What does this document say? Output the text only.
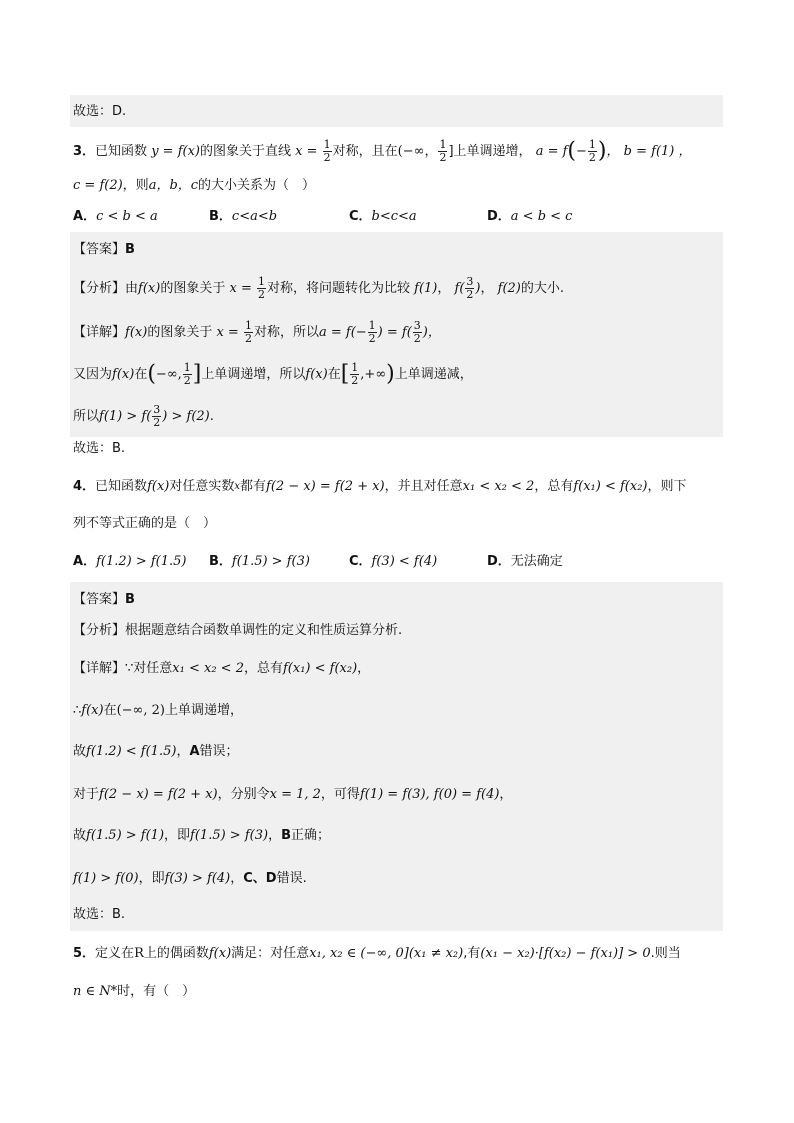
故选：D.
3．已知函数 y = f(x)的图象关于直线 $x = \frac{1}{2}$ 对称，且在(−∞， $\frac{1}{2}$ ]上单调递增， $a = f(- \frac{1}{2}$ )， b = f(1) ，
c = f(2)，则a，b，c的大小关系为（　）
A．c < b < a	B．c<a<b	C．b<c<a	D．a < b < c
【答案】B
【分析】由f(x)的图象关于 $x = \frac{1}{2}$ 对称，将问题转化为比较 f(1)， $f( \frac{3}{2}$ )， f(2)的大小.
【详解】f(x)的图象关于 $x = \frac{1}{2}$ 对称，所以$a = f(- \frac{1}{2}$ ) = $f( \frac{3}{2}$ )，
又因为f(x)在(−∞, $\frac{1}{2}$ ]上单调递增，所以f(x)在[ $\frac{1}{2}$ ,+∞)上单调递减，
所以$f(1) > f( \frac{3}{2}$ ) > f(2).
故选：B.
4．已知函数f(x)对任意实数$^x$都有f(2 − x) = f(2 + x)，并且对任意x₁ < x₂ < 2，总有f(x₁) < f(x₂)，则下
列不等式正确的是（　）
A．f(1.2) > f(1.5) B．f(1.5) > f(3)	C．f(3) < f(4)	D．无法确定
【答案】B
【分析】根据题意结合函数单调性的定义和性质运算分析.
【详解】∵对任意x₁ < x₂ < 2，总有f(x₁) < f(x₂)，
∴f(x)在(−∞, 2)上单调递增，
故f(1.2) < f(1.5)，A错误；
对于f(2 − x) = f(2 + x)，分别令x = 1, 2，可得f(1) = f(3), f(0) = f(4)，
故f(1.5) > f(1)，即f(1.5) > f(3)，B正确；
f(1) > f(0)，即f(3) > f(4)，C、D错误.
故选：B.
5．定义在R上的偶函数f(x)满足：对任意x₁, x₂ ∈ (−∞, 0](x₁ ≠ x₂),有(x₁ − x₂)·[f(x₂) − f(x₁)] > 0.则当
n ∈ N*时，有（　）
